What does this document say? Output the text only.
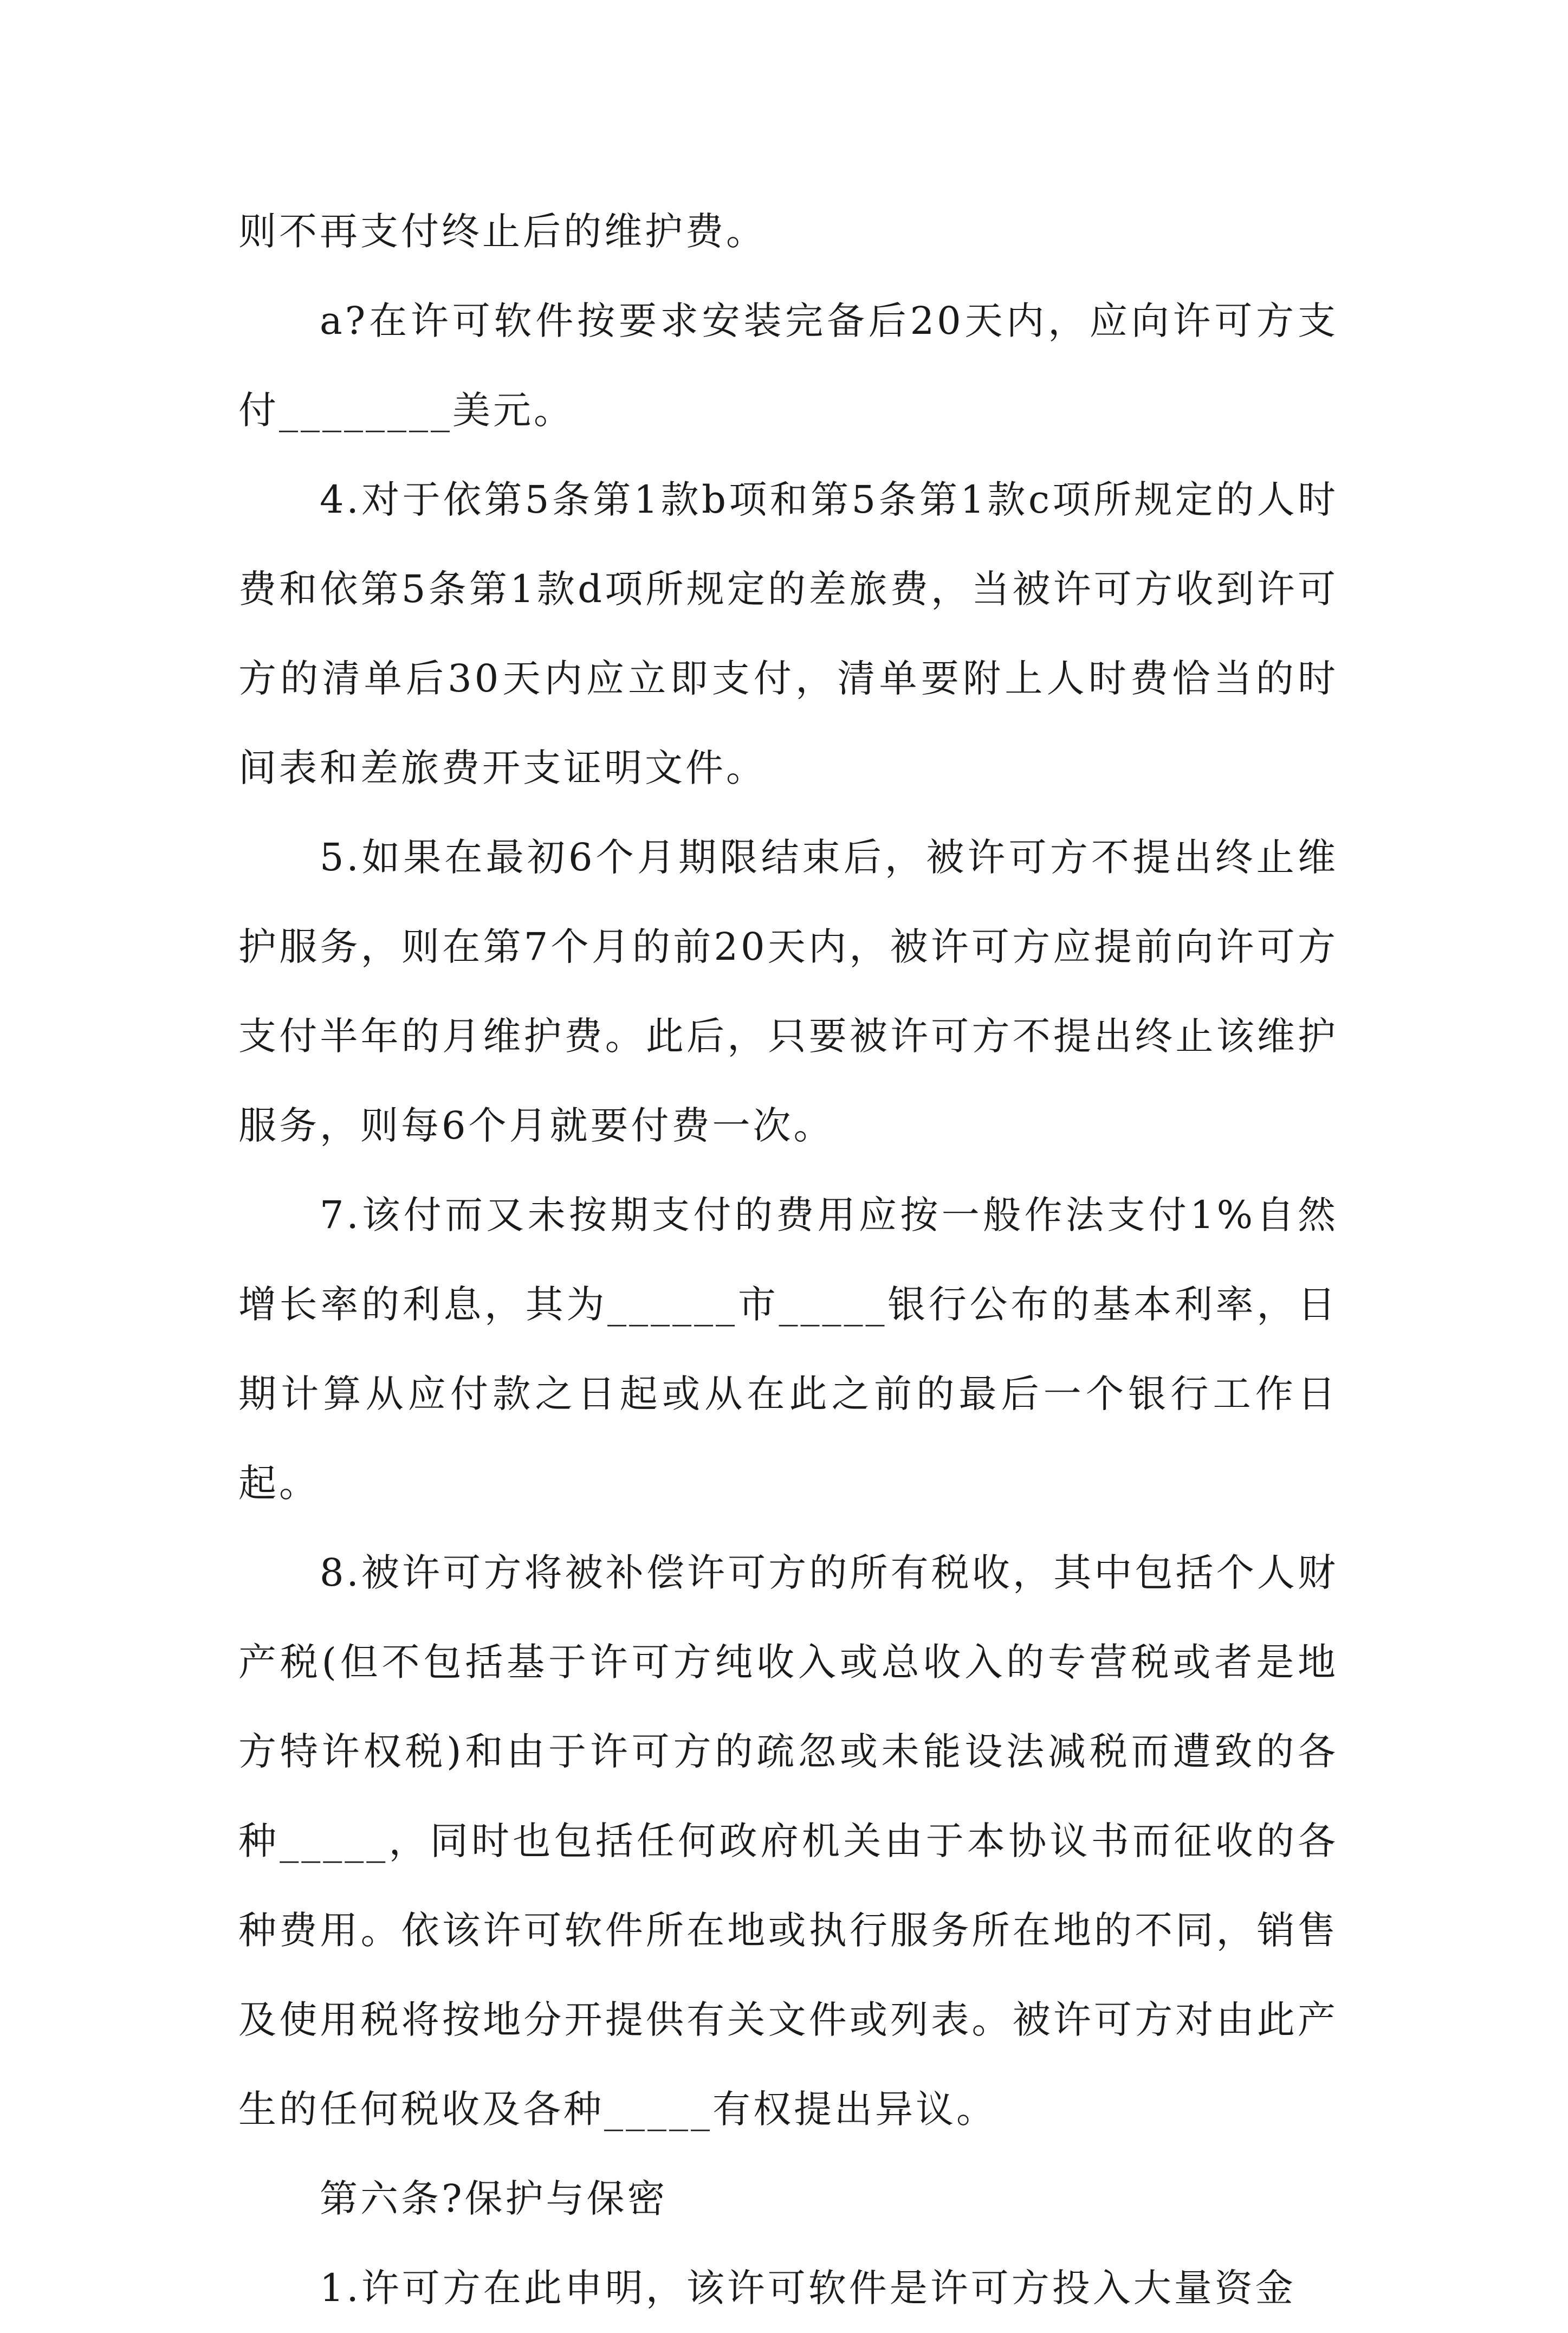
则不再支付终止后的维护费。

a?在许可软件按要求安装完备后20天内，应向许可方支付________美元。

4.对于依第5条第1款b项和第5条第1款c项所规定的人时费和依第5条第1款d项所规定的差旅费，当被许可方收到许可方的清单后30天内应立即支付，清单要附上人时费恰当的时间表和差旅费开支证明文件。

5.如果在最初6个月期限结束后，被许可方不提出终止维护服务，则在第7个月的前20天内，被许可方应提前向许可方支付半年的月维护费。此后，只要被许可方不提出终止该维护服务，则每6个月就要付费一次。

7.该付而又未按期支付的费用应按一般作法支付1%自然增长率的利息，其为______市_____银行公布的基本利率，日期计算从应付款之日起或从在此之前的最后一个银行工作日起。

8.被许可方将被补偿许可方的所有税收，其中包括个人财产税(但不包括基于许可方纯收入或总收入的专营税或者是地方特许权税)和由于许可方的疏忽或未能设法减税而遭致的各种_____，同时也包括任何政府机关由于本协议书而征收的各种费用。依该许可软件所在地或执行服务所在地的不同，销售及使用税将按地分开提供有关文件或列表。被许可方对由此产生的任何税收及各种_____有权提出异议。

第六条?保护与保密

1.许可方在此申明，该许可软件是许可方投入大量资金
